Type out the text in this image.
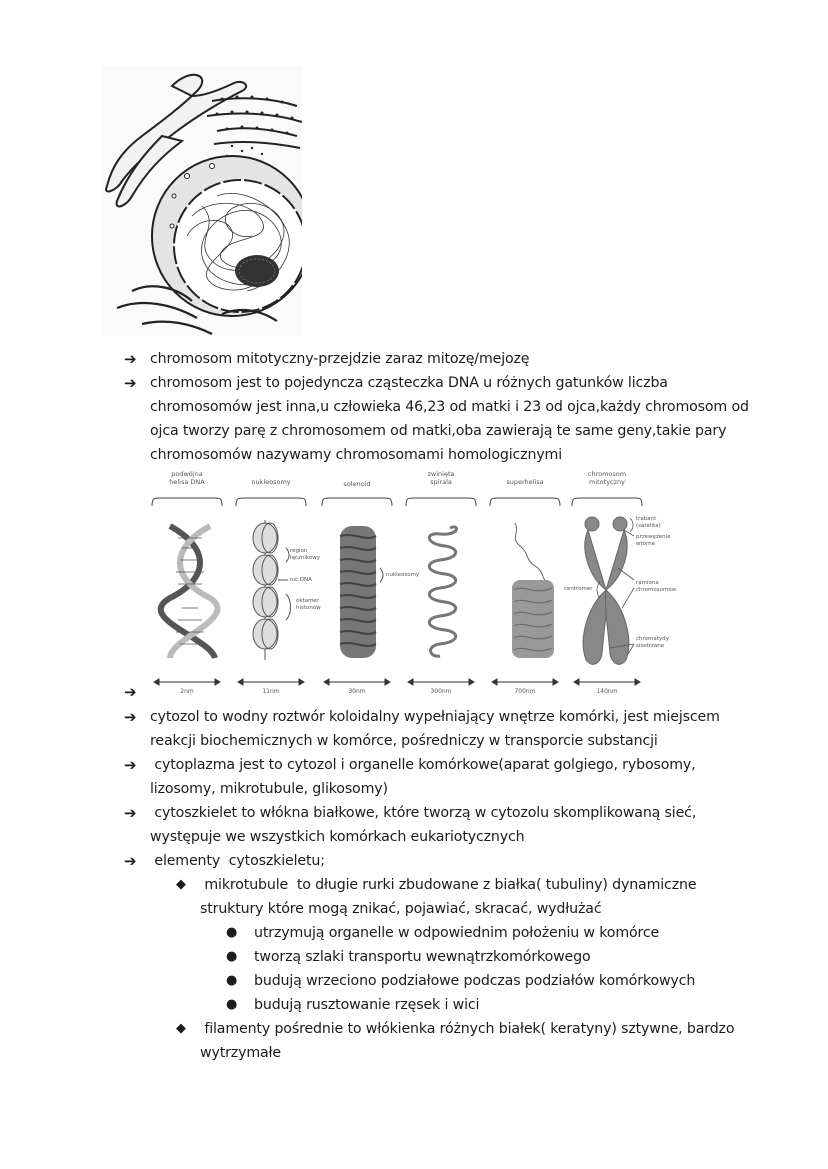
➔ chromosom mitotyczny-przejdzie zaraz mitozę/mejozę
➔ chromosom jest to pojedyncza cząsteczka DNA u różnych gatunków liczba
chromosomów jest inna,u człowieka 46,23 od matki i 23 od ojca,każdy chromosom od
ojca tworzy parę z chromosomem od matki,oba zawierają te same geny,takie pary
chromosomów nazywamy chromosomami homologicznymi
podwójna
helisa DNA	nukleosomy	solenoid
zwinięta
spirala	superhelisa
chromosom
mitotyczny
region
łącznikowy
nić DNA
oktamer
histonów
nukleosomy
trabant
(satelita)
przewężenie
wtórne
centromer
ramiona
chromosomów
chromatydy
siostrzane
2nm	11nm	30nm	300nm	700nm	140nm
➔

➔ cytozol to wodny roztwór koloidalny wypełniający wnętrze komórki, jest miejscem
reakcji biochemicznych w komórce, pośredniczy w transporcie substancji
➔ cytoplazma jest to cytozol i organelle komórkowe(aparat golgiego, rybosomy,
lizosomy, mikrotubule, glikosomy)
➔ cytoszkielet to włókna białkowe, które tworzą w cytozolu skomplikowaną sieć,
występuje we wszystkich komórkach eukariotycznych
➔ elementy  cytoszkieletu;
◆ mikrotubule  to długie rurki zbudowane z białka( tubuliny) dynamiczne
struktury które mogą znikać, pojawiać, skracać, wydłużać
● utrzymują organelle w odpowiednim położeniu w komórce
● tworzą szlaki transportu wewnątrzkomórkowego
● budują wrzeciono podziałowe podczas podziałów komórkowych
● budują rusztowanie rzęsek i wici
◆ filamenty pośrednie to włókienka różnych białek( keratyny) sztywne, bardzo
wytrzymałe
